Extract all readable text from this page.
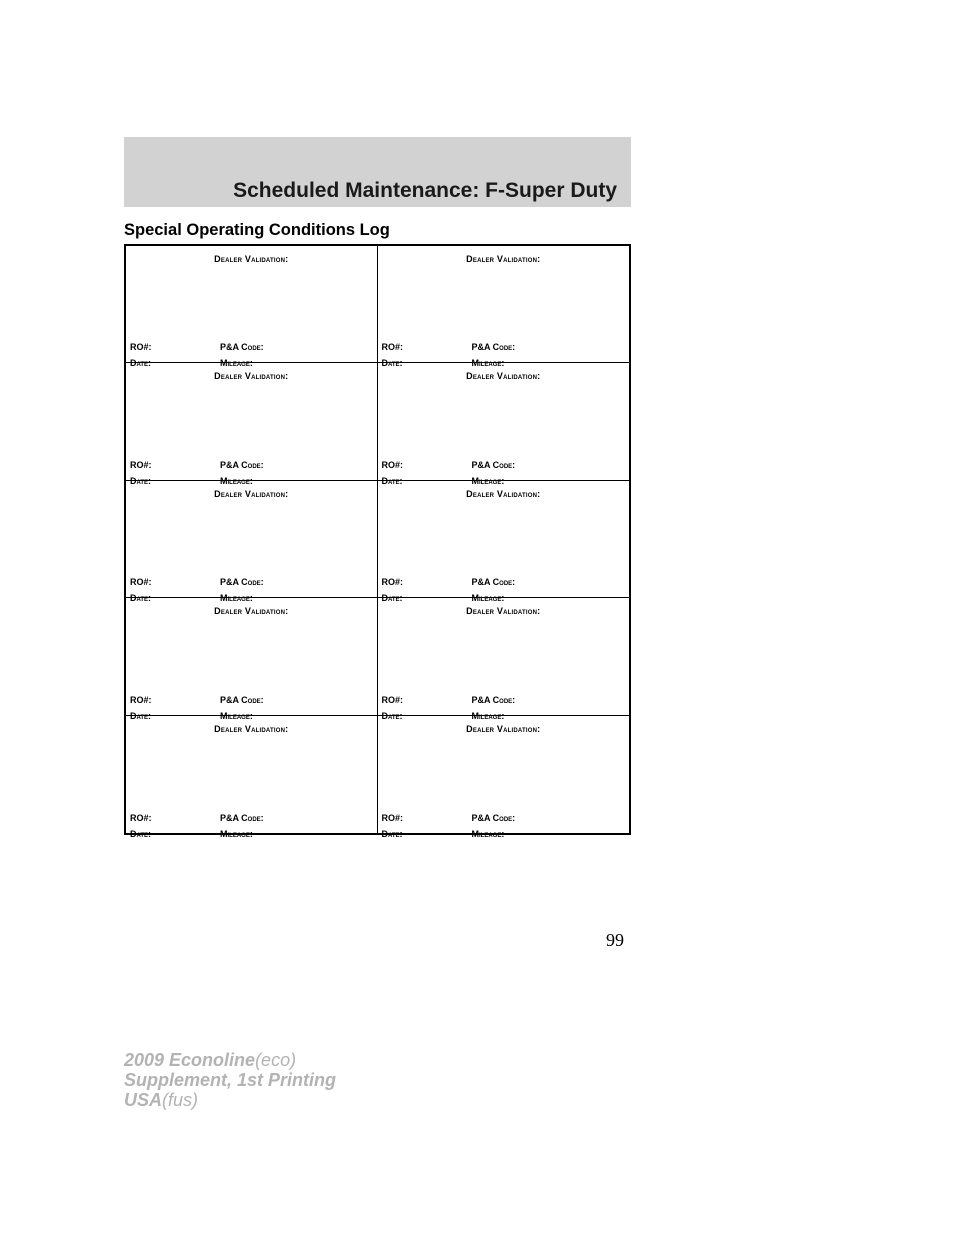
Scheduled Maintenance: F-Super Duty
Special Operating Conditions Log
Dealer Validation:
RO#:	P&A Code:
Date:	Mileage:
Dealer Validation:
RO#:	P&A Code:
Date:	Mileage:
Dealer Validation:
RO#:	P&A Code:
Date:	Mileage:
Dealer Validation:
RO#:	P&A Code:
Date:	Mileage:
Dealer Validation:
RO#:	P&A Code:
Date:	Mileage:
Dealer Validation:
RO#:	P&A Code:
Date:	Mileage:
Dealer Validation:
RO#:	P&A Code:
Date:	Mileage:
Dealer Validation:
RO#:	P&A Code:
Date:	Mileage:
Dealer Validation:
RO#:	P&A Code:
Date:	Mileage:
Dealer Validation:
RO#:	P&A Code:
Date:	Mileage:
99
2009 Econoline(eco)
Supplement, 1st Printing
USA(fus)
